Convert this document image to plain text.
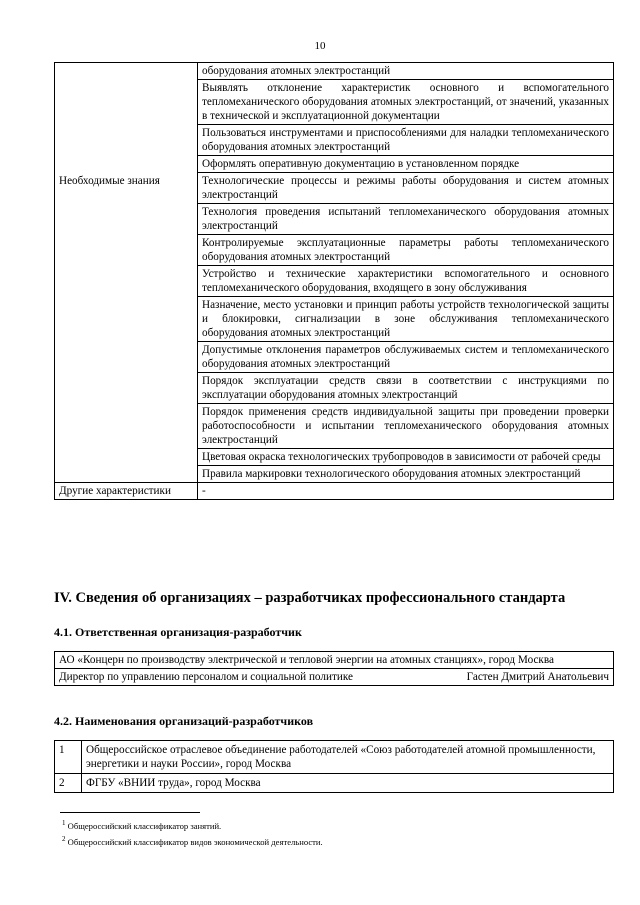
10
	оборудования атомных электростанций
	Выявлять отклонение характеристик основного и вспомогательного тепломеханического оборудования атомных электростанций, от значений, указанных в технической и эксплуатационной документации
	Пользоваться инструментами и приспособлениями для наладки тепломеханического оборудования атомных электростанций
	Оформлять оперативную документацию в установленном порядке
Необходимые знания	Технологические процессы и режимы работы оборудования и систем атомных электростанций
	Технология проведения испытаний тепломеханического оборудования атомных электростанций
	Контролируемые эксплуатационные параметры работы тепломеханического оборудования атомных электростанций
	Устройство и технические характеристики вспомогательного и основного тепломеханического оборудования, входящего в зону обслуживания
	Назначение, место установки и принцип работы устройств технологической защиты и блокировки, сигнализации в зоне обслуживания тепломеханического оборудования атомных электростанций
	Допустимые отклонения параметров обслуживаемых систем и тепломеханического оборудования атомных электростанций
	Порядок эксплуатации средств связи в соответствии с инструкциями по эксплуатации оборудования атомных электростанций
	Порядок применения средств индивидуальной защиты при проведении проверки работоспособности и испытании тепломеханического оборудования атомных электростанций
	Цветовая окраска технологических трубопроводов в зависимости от рабочей среды
	Правила маркировки технологического оборудования атомных электростанций
Другие характеристики	-
IV. Сведения об организациях – разработчиках профессионального стандарта
4.1. Ответственная организация-разработчик
АО «Концерн по производству электрической и тепловой энергии на атомных станциях», город Москва

Директор по управлению персоналом и социальной политике	Гастен Дмитрий Анатольевич
4.2. Наименования организаций-разработчиков
1	Общероссийское отраслевое объединение работодателей «Союз работодателей атомной промышленности, энергетики и науки России», город Москва
2	ФГБУ «ВНИИ труда», город Москва
$^1$ Общероссийский классификатор занятий.
$^2$ Общероссийский классификатор видов экономической деятельности.
